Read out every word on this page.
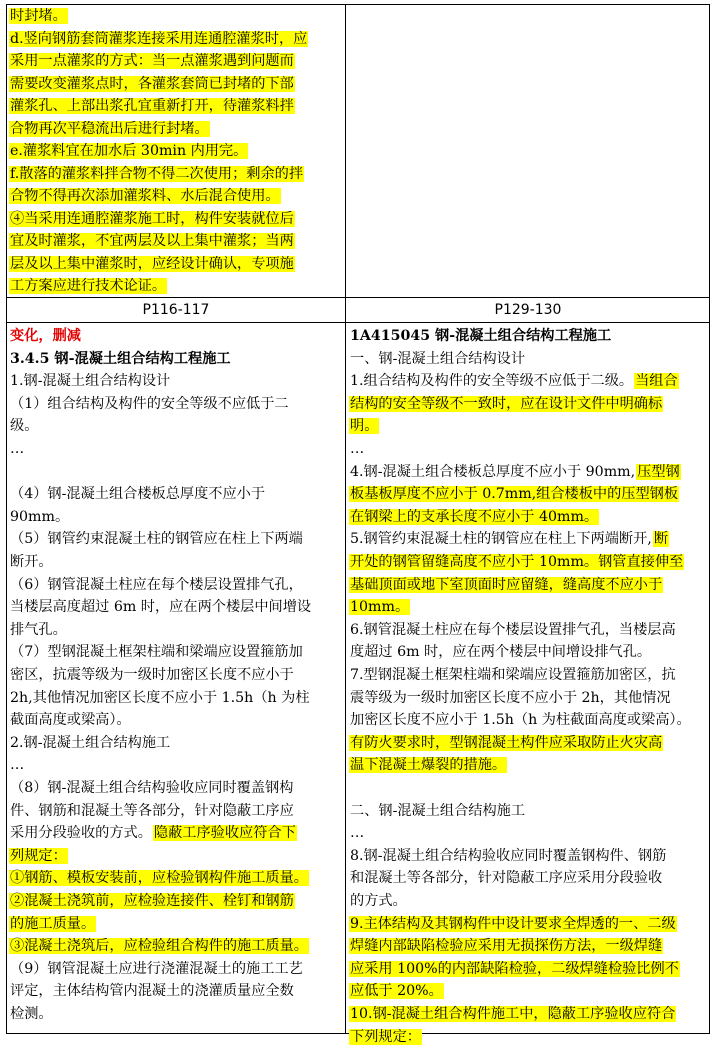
时封堵。
d.竖向钢筋套筒灌浆连接采用连通腔灌浆时，应
采用一点灌浆的方式：当一点灌浆遇到问题而
需要改变灌浆点时，各灌浆套筒已封堵的下部
灌浆孔、上部出浆孔宜重新打开，待灌浆料拌
合物再次平稳流出后进行封堵。
e.灌浆料宜在加水后 30min 内用完。
f.散落的灌浆料拌合物不得二次使用；剩余的拌
合物不得再次添加灌浆料、水后混合使用。
④当采用连通腔灌浆施工时，构件安装就位后
宜及时灌浆，不宜两层及以上集中灌浆；当两
层及以上集中灌浆时，应经设计确认，专项施
工方案应进行技术论证。
P116-117	P129-130
变化，删减
3.4.5 钢-混凝土组合结构工程施工
1.钢-混凝土组合结构设计
（1）组合结构及构件的安全等级不应低于二
级。
…
（4）钢-混凝土组合楼板总厚度不应小于
90mm。
（5）钢管约束混凝土柱的钢管应在柱上下两端
断开。
（6）钢管混凝土柱应在每个楼层设置排气孔，
当楼层高度超过 6m 时，应在两个楼层中间增设
排气孔。
（7）型钢混凝土框架柱端和梁端应设置箍筋加
密区，抗震等级为一级时加密区长度不应小于
2h,其他情况加密区长度不应小于 1.5h（h 为柱
截面高度或梁高）。
2.钢-混凝土组合结构施工
…
（8）钢-混凝土组合结构验收应同时覆盖钢构
件、钢筋和混凝土等各部分，针对隐蔽工序应
采用分段验收的方式。 隐蔽工序验收应符合下
列规定：
①钢筋、模板安装前，应检验钢构件施工质量。
②混凝土浇筑前，应检验连接件、栓钉和钢筋
的施工质量。
③混凝土浇筑后，应检验组合构件的施工质量。
（9）钢管混凝土应进行浇灌混凝土的施工工艺
评定，主体结构管内混凝土的浇灌质量应全数
检测。
1A415045 钢-混凝土组合结构工程施工
一、钢-混凝土组合结构设计
1.组合结构及构件的安全等级不应低于二级。 当组合
结构的安全等级不一致时，应在设计文件中明确标
明。
…
4.钢-混凝土组合楼板总厚度不应小于 90mm, 压型钢
板基板厚度不应小于 0.7mm,组合楼板中的压型钢板
在钢梁上的支承长度不应小于 40mm。
5.钢管约束混凝土柱的钢管应在柱上下两端断开, 断
开处的钢管留缝高度不应小于 10mm。钢管直接伸至
基础顶面或地下室顶面时应留缝，缝高度不应小于
10mm。
6.钢管混凝土柱应在每个楼层设置排气孔，当楼层高
度超过 6m 时，应在两个楼层中间增设排气孔。
7.型钢混凝土框架柱端和梁端应设置箍筋加密区，抗
震等级为一级时加密区长度不应小于 2h，其他情况
加密区长度不应小于 1.5h（h 为柱截面高度或梁高）。
有防火要求时，型钢混凝土构件应采取防止火灾高
温下混凝土爆裂的措施。
二、钢-混凝土组合结构施工
…
8.钢-混凝土组合结构验收应同时覆盖钢构件、钢筋
和混凝土等各部分，针对隐蔽工序应采用分段验收
的方式。
9.主体结构及其钢构件中设计要求全焊透的一、二级
焊缝内部缺陷检验应采用无损探伤方法，一级焊缝
应采用 100%的内部缺陷检验，二级焊缝检验比例不
应低于 20%。
10.钢-混凝土组合构件施工中，隐蔽工序验收应符合
下列规定：
